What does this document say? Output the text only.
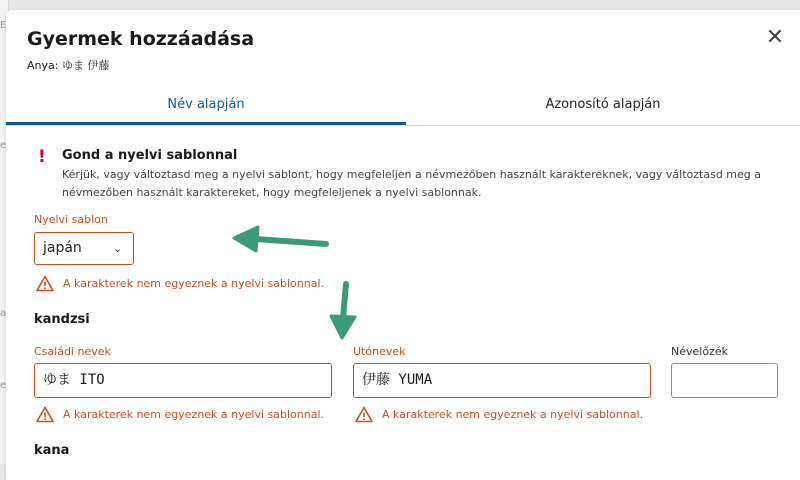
E
e
a
e
Gyermek hozzáadása
Anya: ゆま 伊藤
✕
Név alapján	Azonosító alapján
! Gond a nyelvi sablonnal
Kérjük, vagy változtasd meg a nyelvi sablont, hogy megfeleljen a névmezőben használt karaktereknek, vagy változtasd meg a névmezőben használt karaktereket, hogy megfeleljenek a nyelvi sablonnak.
Nyelvi sablon
japán	⌄
A karakterek nem egyeznek a nyelvi sablonnal.
kandzsi
Családi nevek
ゆま ITO
A karakterek nem egyeznek a nyelvi sablonnal.
Utónevek
伊藤 YUMA
A karakterek nem egyeznek a nyelvi sablonnal.
Névelőzék
kana
